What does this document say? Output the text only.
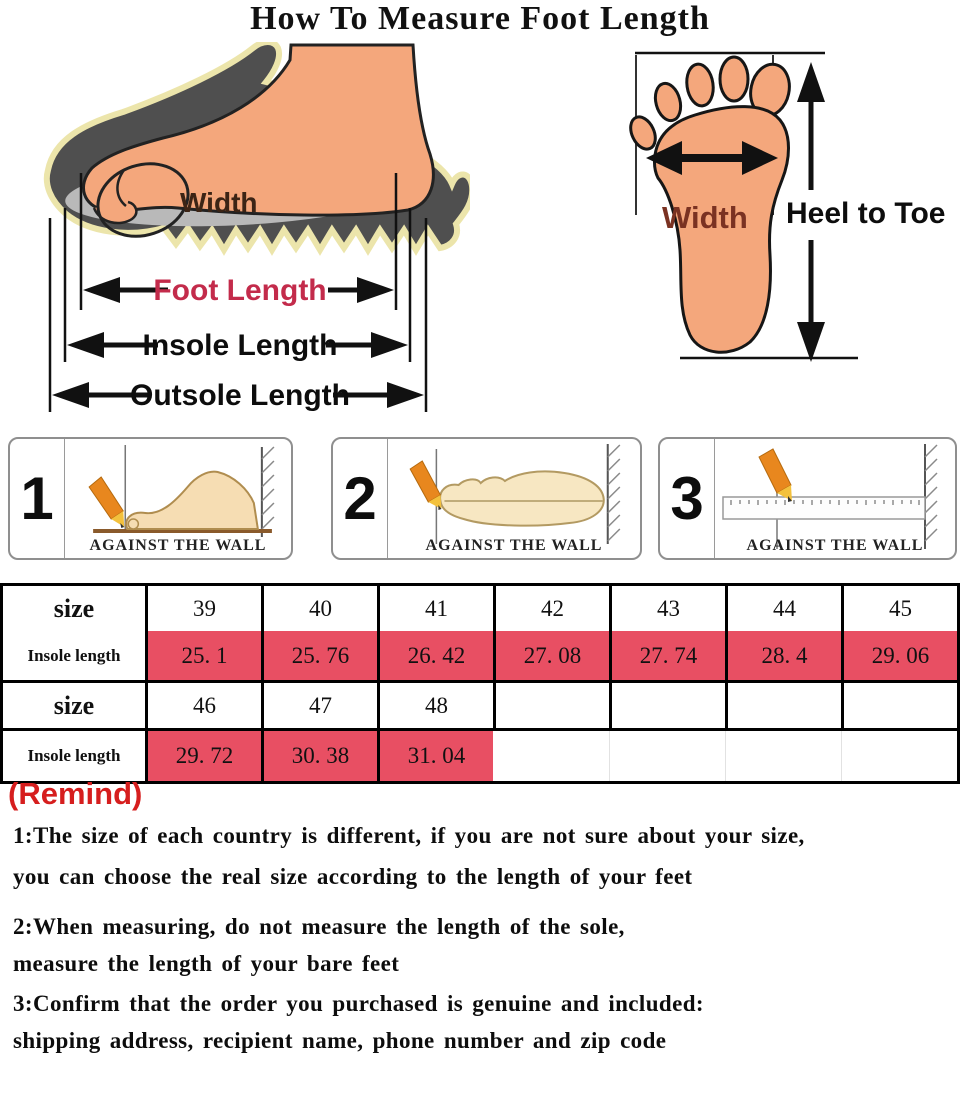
How To Measure Foot Length
Width
Foot Length
Insole Length
Outsole Length
Width Heel to Toe
1
AGAINST THE WALL
2
AGAINST THE WALL
3
AGAINST THE WALL
size	39	40	41	42	43	44	45
Insole length	25. 1	25. 76	26. 42	27. 08	27. 74	28. 4	29. 06
size	46	47	48
Insole length	29. 72	30. 38	31. 04
(Remind)
1:The size of each country is different, if you are not sure about your size,
you can choose the real size according to the length of your feet
2:When measuring, do not measure the length of the sole,
measure the length of your bare feet
3:Confirm that the order you purchased is genuine and included:
shipping address, recipient name, phone number and zip code
